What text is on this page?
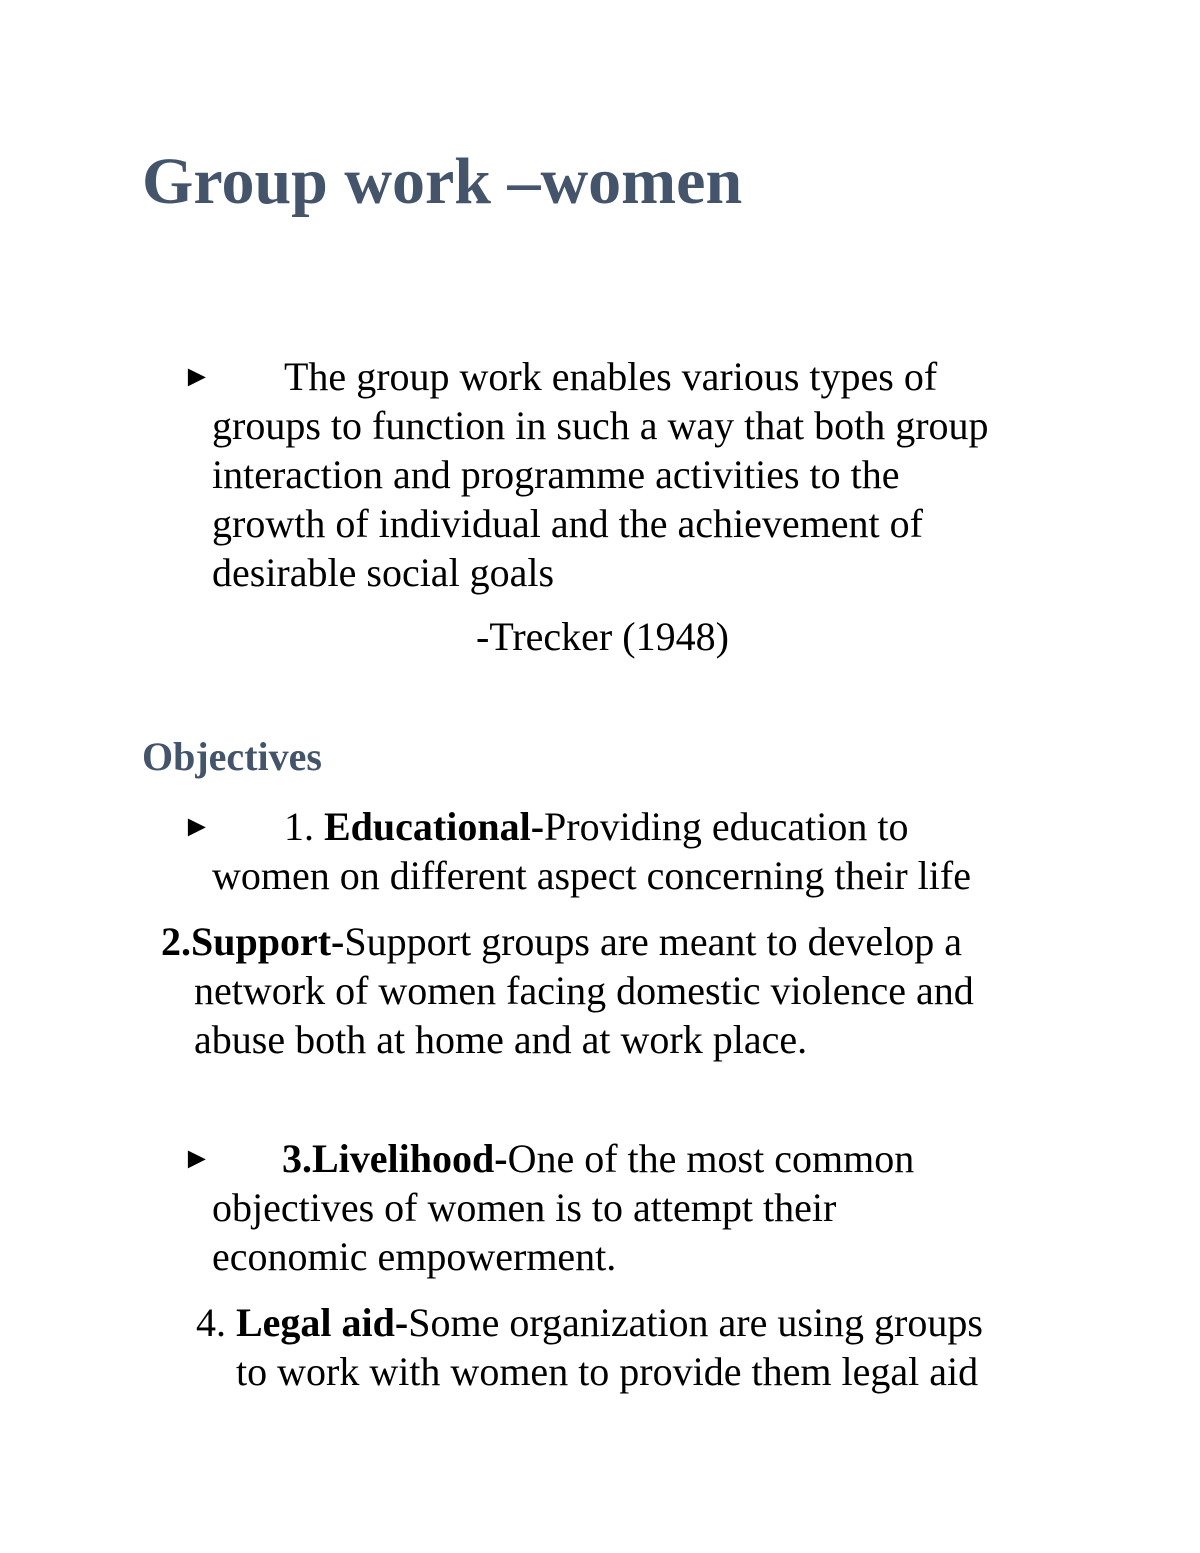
Group work –women
►	The group work enables various types of
groups to function in such a way that both group
interaction and programme activities to the
growth of individual and the achievement of
desirable social goals
-Trecker (1948)
Objectives
►	1. Educational-Providing education to
women on different aspect concerning their life
2.Support-Support groups are meant to develop a
network of women facing domestic violence and
abuse both at home and at work place.
►	3.Livelihood-One of the most common
objectives of women is to attempt their
economic empowerment.
4. Legal aid-Some organization are using groups
to work with women to provide them legal aid
